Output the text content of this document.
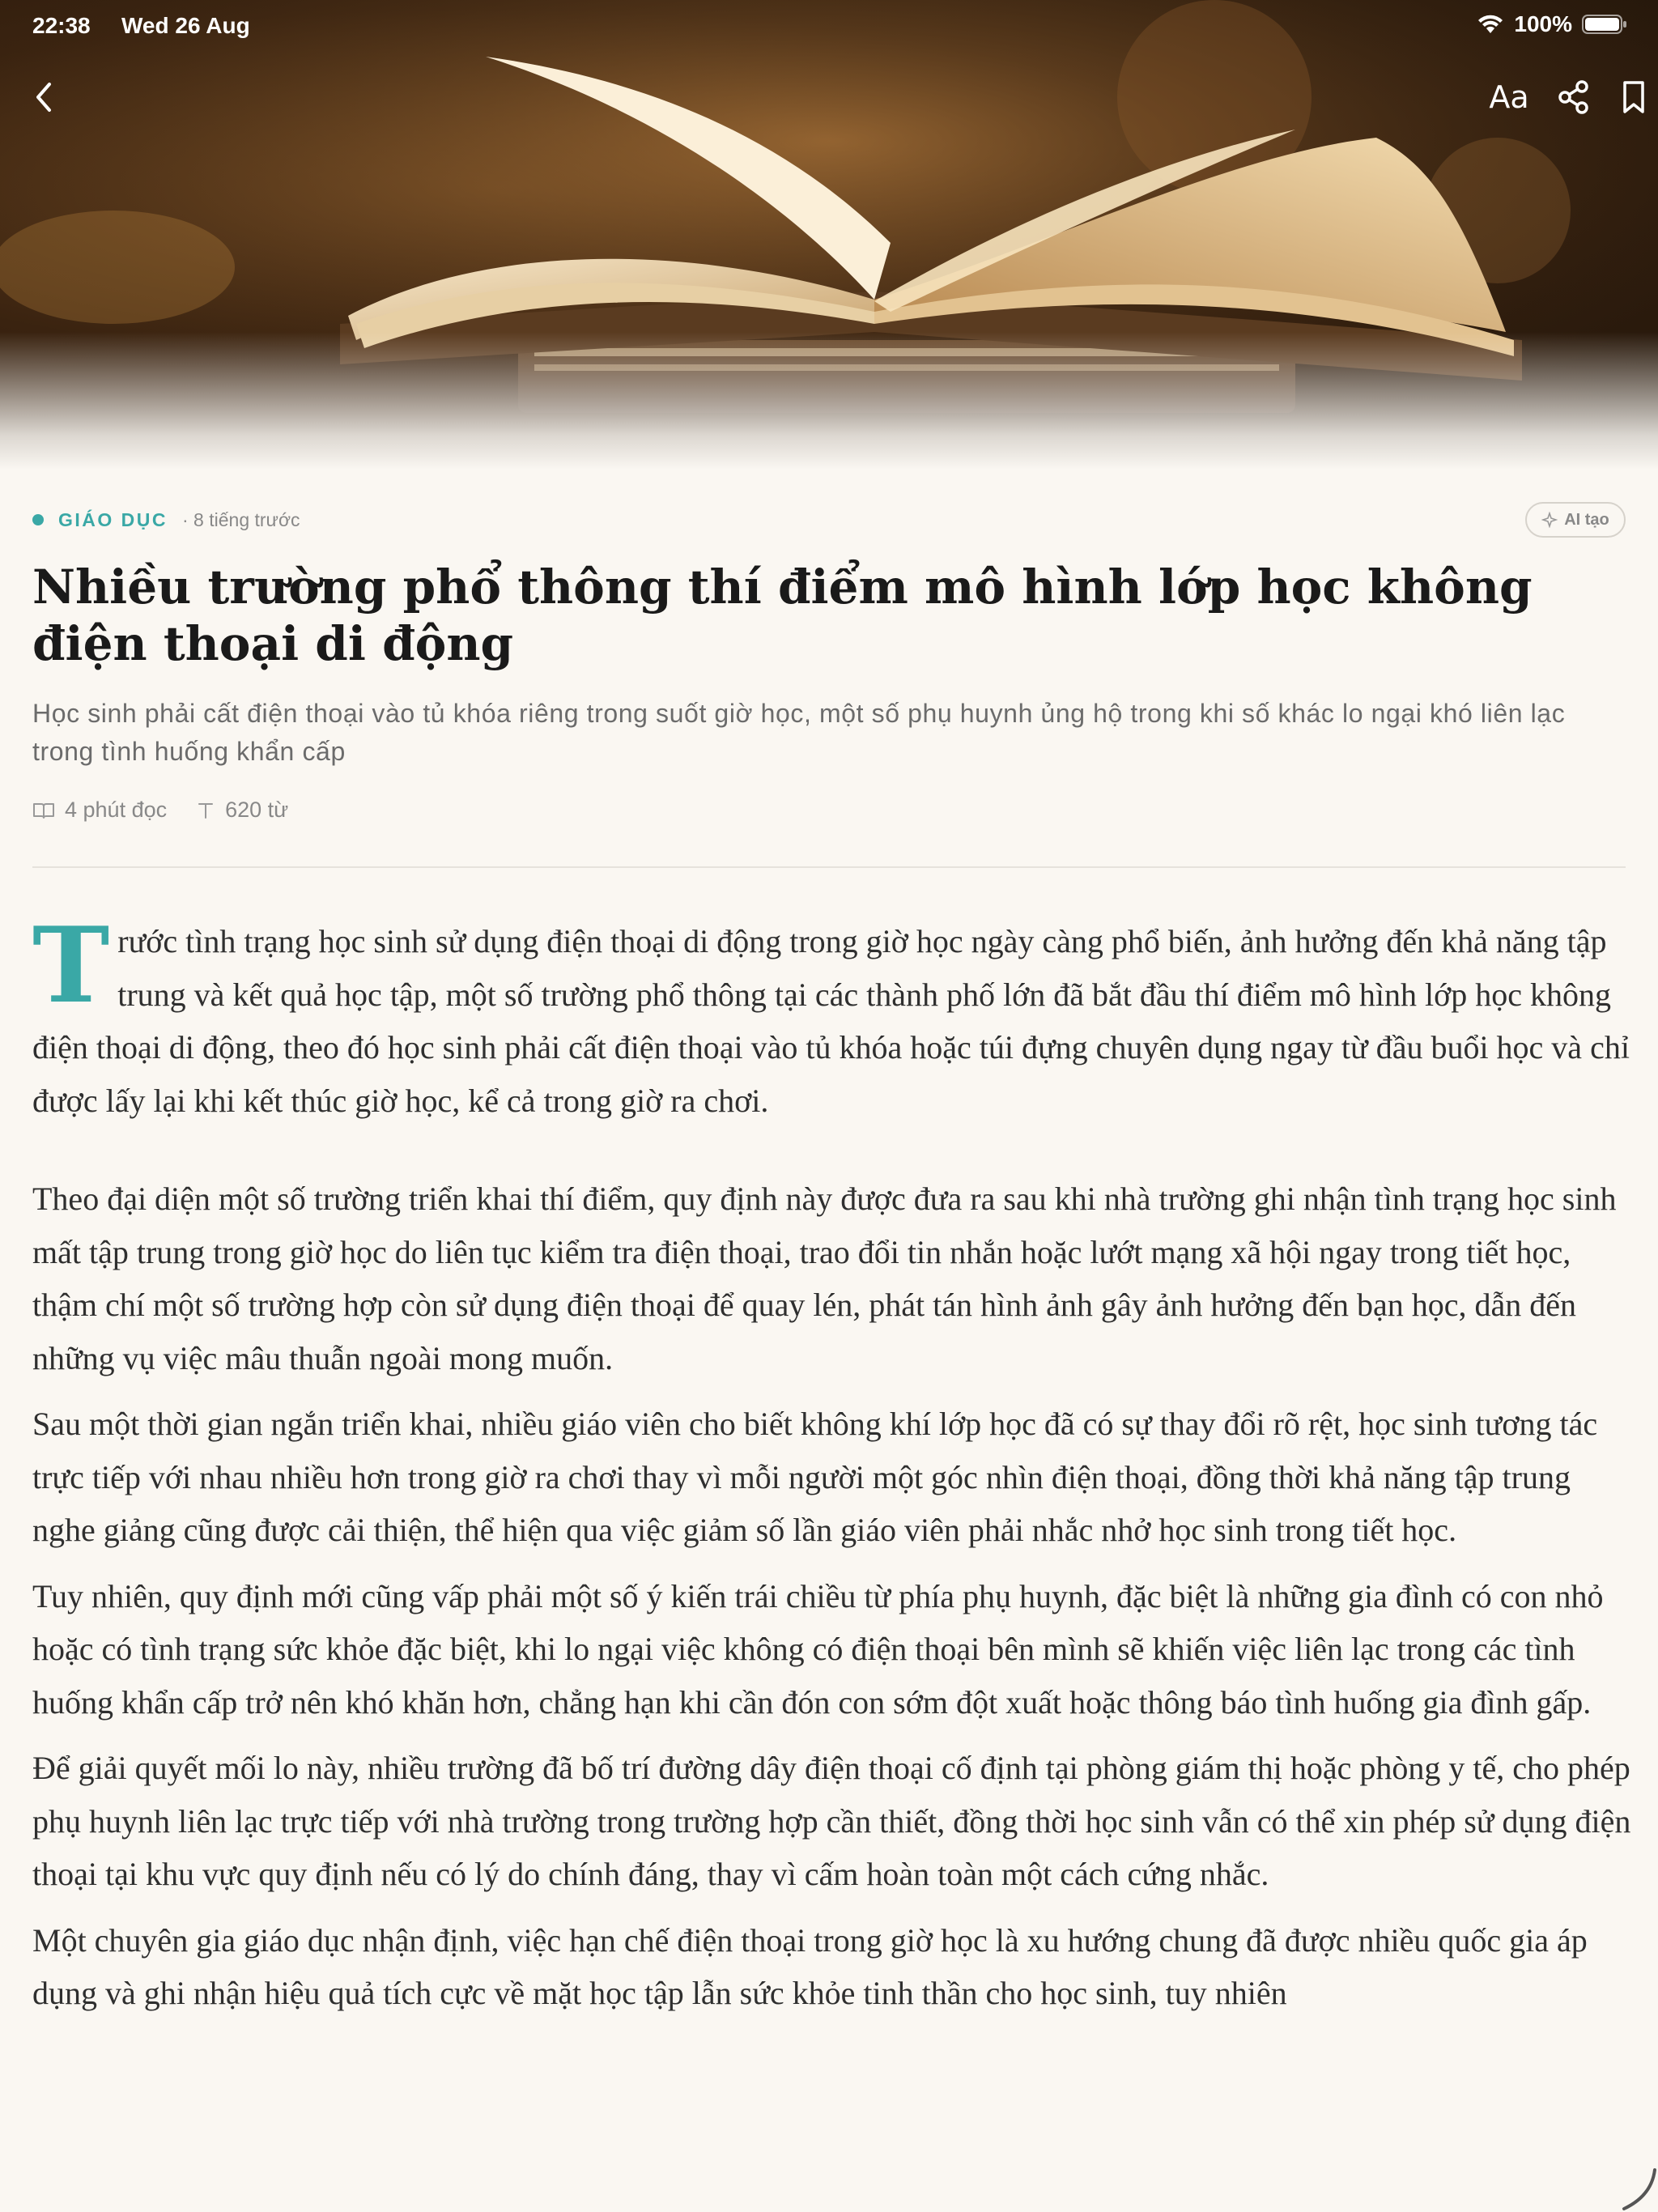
22:38 Wed 26 Aug	100%
Aa
GIÁO DỤC · 8 tiếng trước	AI tạo
Nhiều trường phổ thông thí điểm mô hình lớp học không điện thoại di động

Học sinh phải cất điện thoại vào tủ khóa riêng trong suốt giờ học, một số phụ huynh ủng hộ trong khi số khác lo ngại khó liên lạc trong tình huống khẩn cấp

4 phút đọc	620 từ

Trước tình trạng học sinh sử dụng điện thoại di động trong giờ học ngày càng phổ biến, ảnh hưởng đến khả năng tập trung và kết quả học tập, một số trường phổ thông tại các thành phố lớn đã bắt đầu thí điểm mô hình lớp học không điện thoại di động, theo đó học sinh phải cất điện thoại vào tủ khóa hoặc túi đựng chuyên dụng ngay từ đầu buổi học và chỉ được lấy lại khi kết thúc giờ học, kể cả trong giờ ra chơi.

Theo đại diện một số trường triển khai thí điểm, quy định này được đưa ra sau khi nhà trường ghi nhận tình trạng học sinh mất tập trung trong giờ học do liên tục kiểm tra điện thoại, trao đổi tin nhắn hoặc lướt mạng xã hội ngay trong tiết học, thậm chí một số trường hợp còn sử dụng điện thoại để quay lén, phát tán hình ảnh gây ảnh hưởng đến bạn học, dẫn đến những vụ việc mâu thuẫn ngoài mong muốn.

Sau một thời gian ngắn triển khai, nhiều giáo viên cho biết không khí lớp học đã có sự thay đổi rõ rệt, học sinh tương tác trực tiếp với nhau nhiều hơn trong giờ ra chơi thay vì mỗi người một góc nhìn điện thoại, đồng thời khả năng tập trung nghe giảng cũng được cải thiện, thể hiện qua việc giảm số lần giáo viên phải nhắc nhở học sinh trong tiết học.

Tuy nhiên, quy định mới cũng vấp phải một số ý kiến trái chiều từ phía phụ huynh, đặc biệt là những gia đình có con nhỏ hoặc có tình trạng sức khỏe đặc biệt, khi lo ngại việc không có điện thoại bên mình sẽ khiến việc liên lạc trong các tình huống khẩn cấp trở nên khó khăn hơn, chẳng hạn khi cần đón con sớm đột xuất hoặc thông báo tình huống gia đình gấp.

Để giải quyết mối lo này, nhiều trường đã bố trí đường dây điện thoại cố định tại phòng giám thị hoặc phòng y tế, cho phép phụ huynh liên lạc trực tiếp với nhà trường trong trường hợp cần thiết, đồng thời học sinh vẫn có thể xin phép sử dụng điện thoại tại khu vực quy định nếu có lý do chính đáng, thay vì cấm hoàn toàn một cách cứng nhắc.

Một chuyên gia giáo dục nhận định, việc hạn chế điện thoại trong giờ học là xu hướng chung đã được nhiều quốc gia áp dụng và ghi nhận hiệu quả tích cực về mặt học tập lẫn sức khỏe tinh thần cho học sinh, tuy nhiên
